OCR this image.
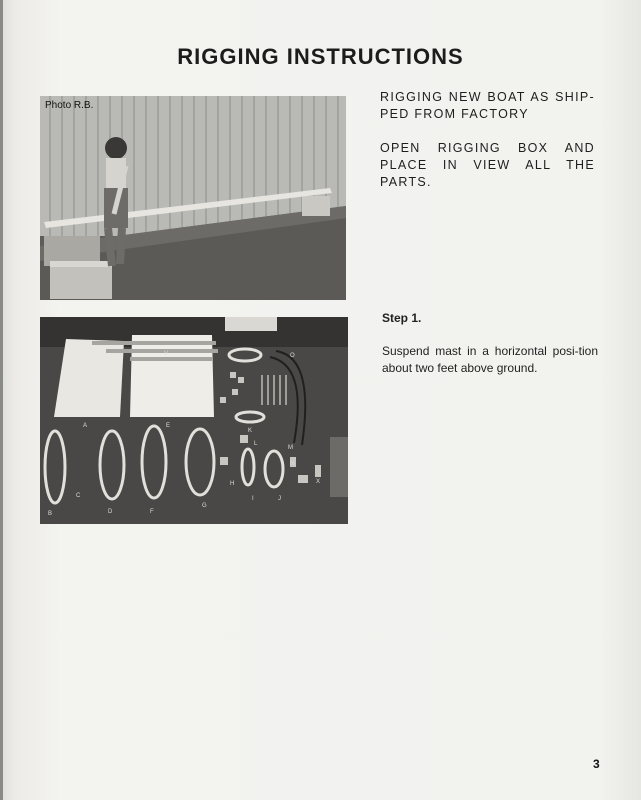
RIGGING INSTRUCTIONS
Photo R.B.
B
C
D
A	E
F
G
H
I	J
K
L
M
N
O
V
X

RIGGING NEW BOAT AS SHIP-PED FROM FACTORY

OPEN RIGGING BOX AND PLACE IN VIEW ALL THE PARTS.

Step 1.
Suspend mast in a horizontal posi-tion about two feet above ground.
3
